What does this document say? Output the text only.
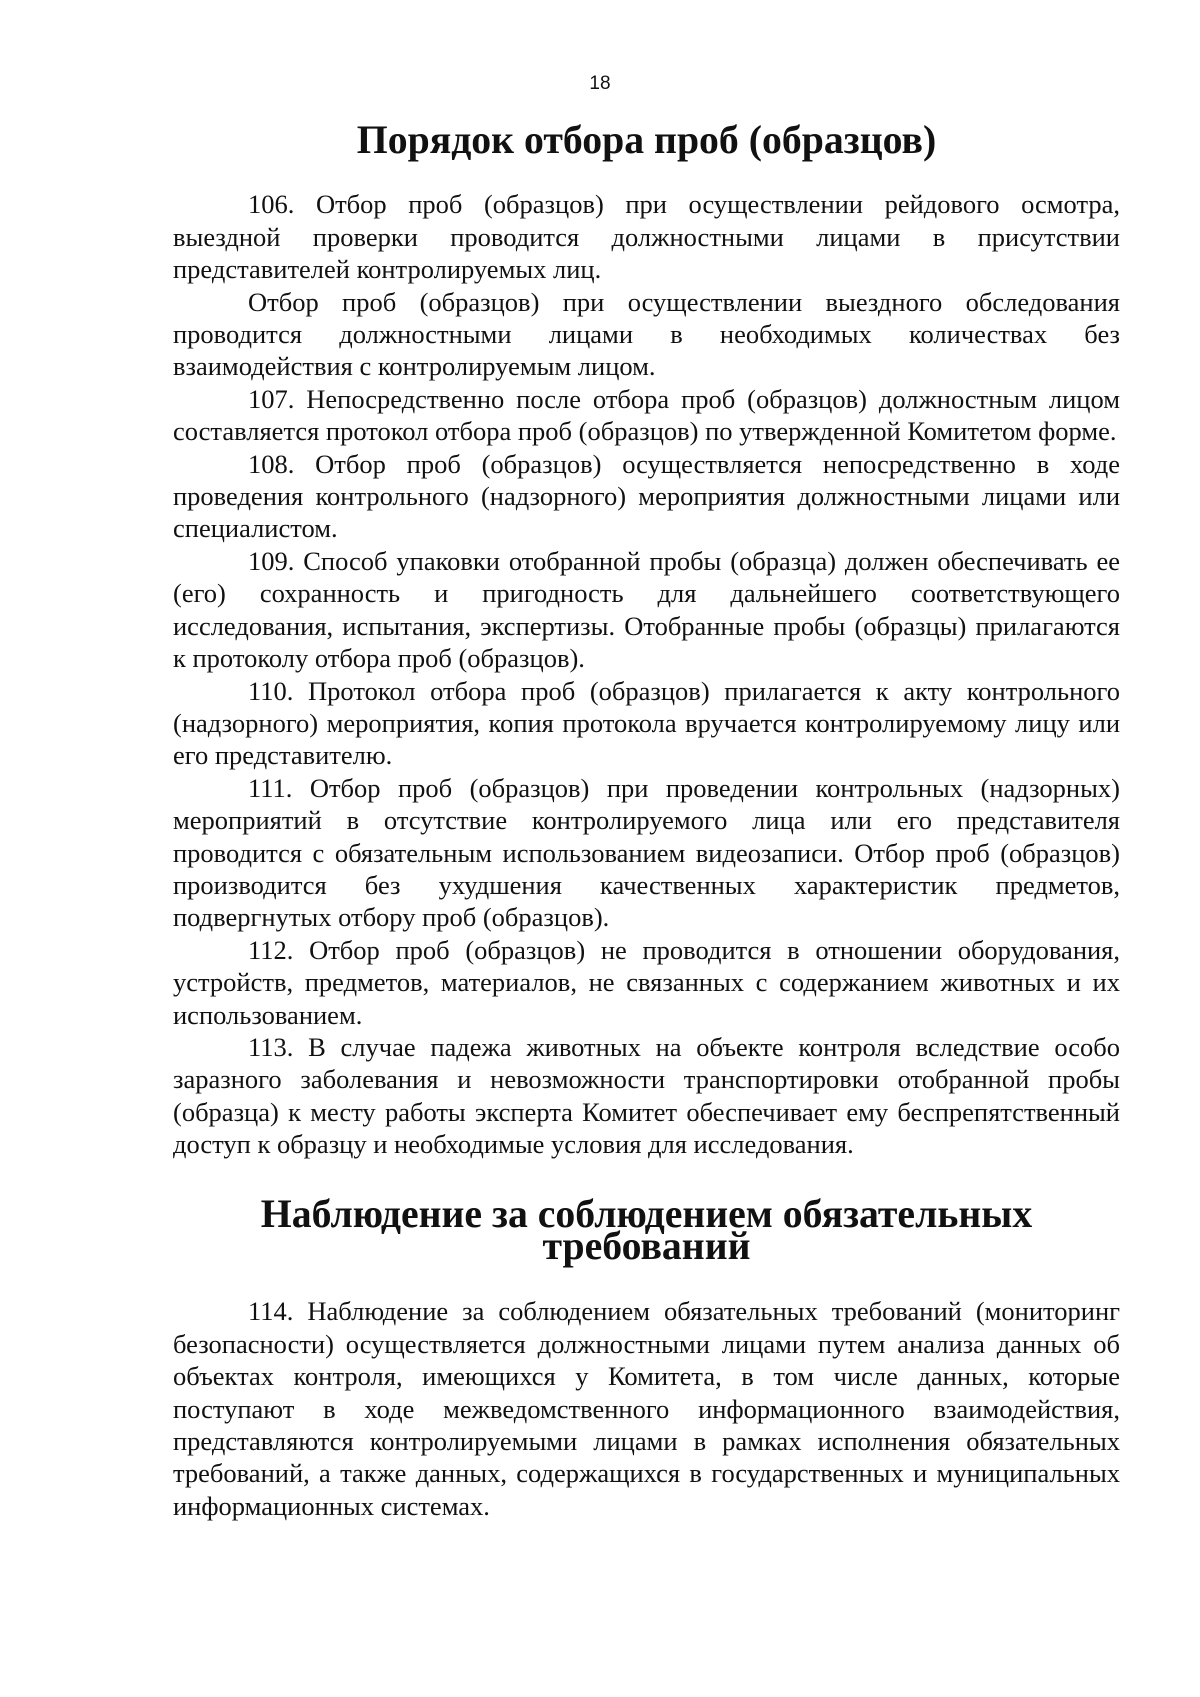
18
Порядок отбора проб (образцов)

106. Отбор проб (образцов) при осуществлении рейдового осмотра, выездной проверки проводится должностными лицами в присутствии представителей контролируемых лиц.

Отбор проб (образцов) при осуществлении выездного обследования проводится должностными лицами в необходимых количествах без взаимодействия с контролируемым лицом.

107. Непосредственно после отбора проб (образцов) должностным лицом составляется протокол отбора проб (образцов) по утвержденной Комитетом форме.

108. Отбор проб (образцов) осуществляется непосредственно в ходе проведения контрольного (надзорного) мероприятия должностными лицами или специалистом.

109. Способ упаковки отобранной пробы (образца) должен обеспечивать ее (его) сохранность и пригодность для дальнейшего соответствующего исследования, испытания, экспертизы. Отобранные пробы (образцы) прилагаются к протоколу отбора проб (образцов).

110. Протокол отбора проб (образцов) прилагается к акту контрольного (надзорного) мероприятия, копия протокола вручается контролируемому лицу или его представителю.

111. Отбор проб (образцов) при проведении контрольных (надзорных) мероприятий в отсутствие контролируемого лица или его представителя проводится с обязательным использованием видеозаписи. Отбор проб (образцов) производится без ухудшения качественных характеристик предметов, подвергнутых отбору проб (образцов).

112. Отбор проб (образцов) не проводится в отношении оборудования, устройств, предметов, материалов, не связанных с содержанием животных и их использованием.

113. В случае падежа животных на объекте контроля вследствие особо заразного заболевания и невозможности транспортировки отобранной пробы (образца) к месту работы эксперта Комитет обеспечивает ему беспрепятственный доступ к образцу и необходимые условия для исследования.

Наблюдение за соблюдением обязательных требований

114. Наблюдение за соблюдением обязательных требований (мониторинг безопасности) осуществляется должностными лицами путем анализа данных об объектах контроля, имеющихся у Комитета, в том числе данных, которые поступают в ходе межведомственного информационного взаимодействия, представляются контролируемыми лицами в рамках исполнения обязательных требований, а также данных, содержащихся в государственных и муниципальных информационных системах.
